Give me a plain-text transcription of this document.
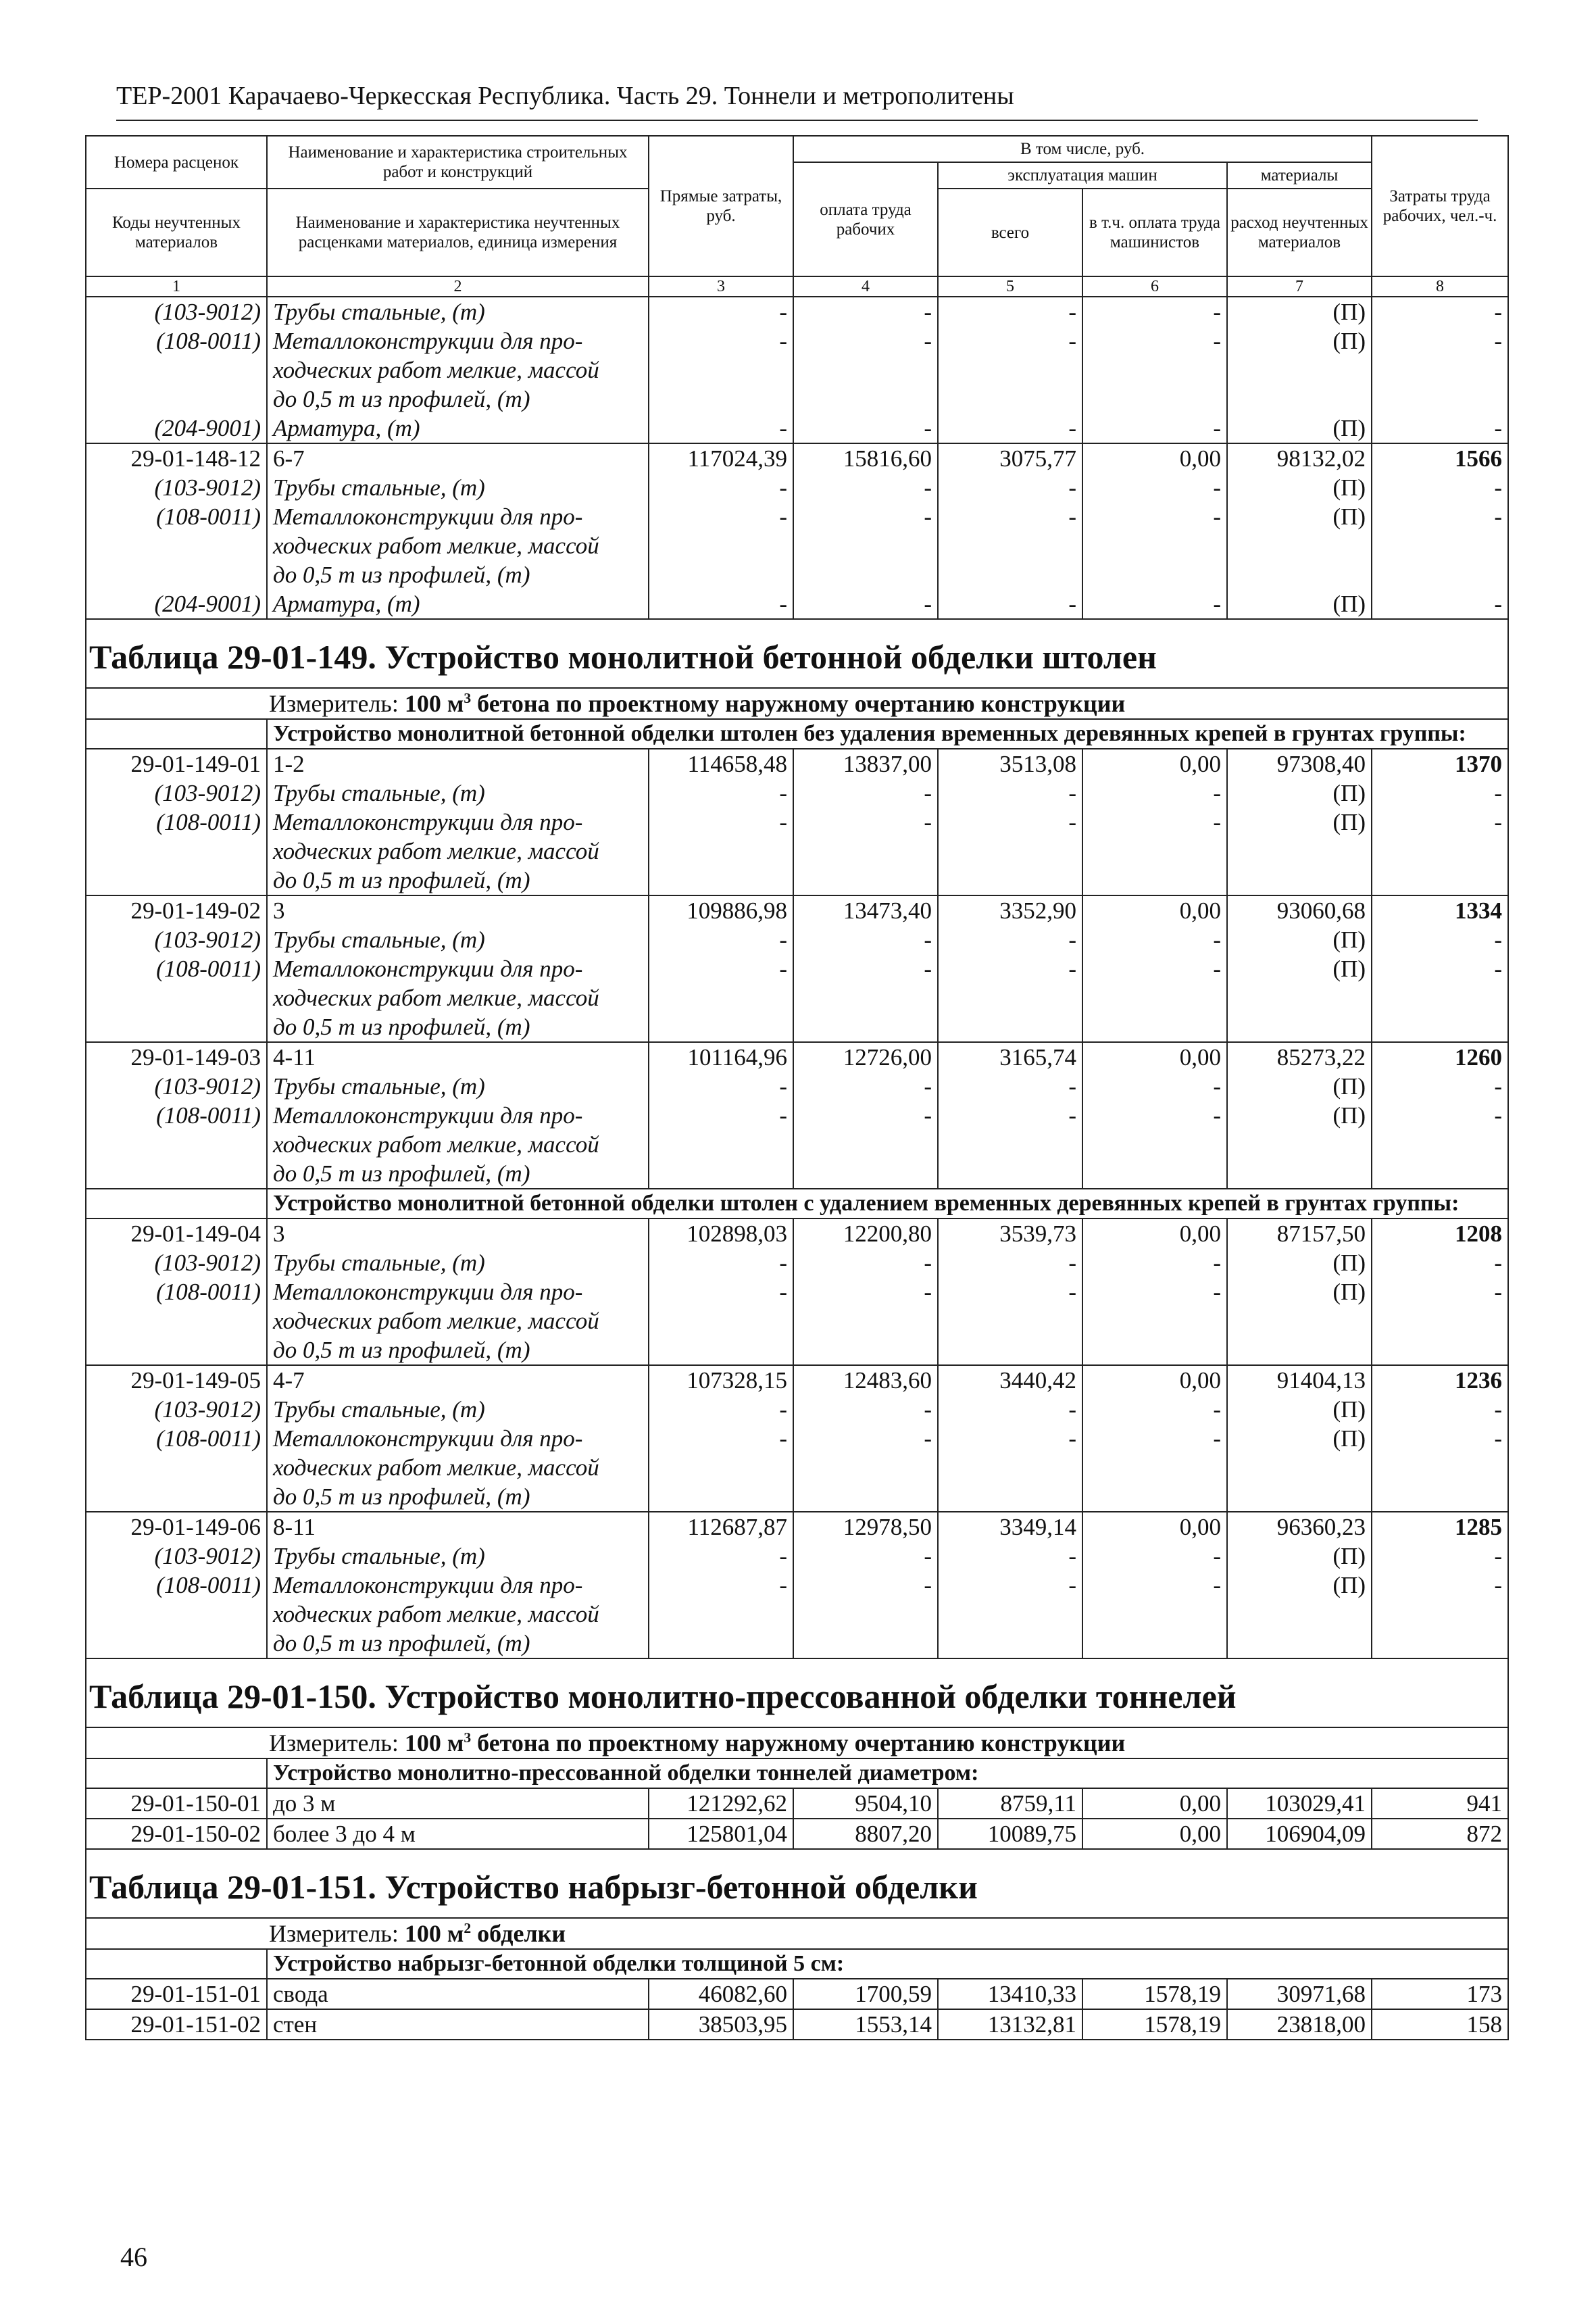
ТЕР-2001 Карачаево-Черкесская Республика. Часть 29. Тоннели и метрополитены
Номера расценок	Наименование и характеристика строительных работ и конструкций	Прямые затраты, руб.	В том числе, руб.				Затраты труда рабочих, чел.-ч.
			оплата труда рабочих	эксплуатация машин		материалы	
Коды неучтенных материалов	Наименование и характеристика неучтенных расценками материалов, единица измерения			всего	в т.ч. оплата труда машинистов	расход неучтенных материалов	

1	2	3	4	5	6	7	8
(103-9012)	Трубы стальные, (т)	-	-	-	-	(П)	-
(108-0011)	Металлоконструкции для про-	-	-	-	-	(П)	-
	ходческих работ мелкие, массой						
	до 0,5 т из профилей, (т)						
(204-9001)	Арматура, (т)	-	-	-	-	(П)	-
29-01-148-12	6-7	117024,39	15816,60	3075,77	0,00	98132,02	1566
(103-9012)	Трубы стальные, (т)	-	-	-	-	(П)	-
(108-0011)	Металлоконструкции для про-	-	-	-	-	(П)	-
	ходческих работ мелкие, массой						
	до 0,5 т из профилей, (т)						
(204-9001)	Арматура, (т)	-	-	-	-	(П)	-
Таблица 29-01-149. Устройство монолитной бетонной обделки штолен							
Измеритель: 100 $м^3$ бетона по проектному наружному очертанию конструкции							
	Устройство монолитной бетонной обделки штолен без удаления временных деревянных крепей в грунтах группы:						
29-01-149-01	1-2	114658,48	13837,00	3513,08	0,00	97308,40	1370
(103-9012)	Трубы стальные, (т)	-	-	-	-	(П)	-
(108-0011)	Металлоконструкции для про-	-	-	-	-	(П)	-
	ходческих работ мелкие, массой						
	до 0,5 т из профилей, (т)						
29-01-149-02	3	109886,98	13473,40	3352,90	0,00	93060,68	1334
(103-9012)	Трубы стальные, (т)	-	-	-	-	(П)	-
(108-0011)	Металлоконструкции для про-	-	-	-	-	(П)	-
	ходческих работ мелкие, массой						
	до 0,5 т из профилей, (т)						
29-01-149-03	4-11	101164,96	12726,00	3165,74	0,00	85273,22	1260
(103-9012)	Трубы стальные, (т)	-	-	-	-	(П)	-
(108-0011)	Металлоконструкции для про-	-	-	-	-	(П)	-
	ходческих работ мелкие, массой						
	до 0,5 т из профилей, (т)						
	Устройство монолитной бетонной обделки штолен с удалением временных деревянных крепей в грунтах группы:						
29-01-149-04	3	102898,03	12200,80	3539,73	0,00	87157,50	1208
(103-9012)	Трубы стальные, (т)	-	-	-	-	(П)	-
(108-0011)	Металлоконструкции для про-	-	-	-	-	(П)	-
	ходческих работ мелкие, массой						
	до 0,5 т из профилей, (т)						
29-01-149-05	4-7	107328,15	12483,60	3440,42	0,00	91404,13	1236
(103-9012)	Трубы стальные, (т)	-	-	-	-	(П)	-
(108-0011)	Металлоконструкции для про-	-	-	-	-	(П)	-
	ходческих работ мелкие, массой						
	до 0,5 т из профилей, (т)						
29-01-149-06	8-11	112687,87	12978,50	3349,14	0,00	96360,23	1285
(103-9012)	Трубы стальные, (т)	-	-	-	-	(П)	-
(108-0011)	Металлоконструкции для про-	-	-	-	-	(П)	-
	ходческих работ мелкие, массой						
	до 0,5 т из профилей, (т)						
Таблица 29-01-150. Устройство монолитно-прессованной обделки тоннелей							
Измеритель: 100 $м^3$ бетона по проектному наружному очертанию конструкции							
	Устройство монолитно-прессованной обделки тоннелей диаметром:						
29-01-150-01	до 3 м	121292,62	9504,10	8759,11	0,00	103029,41	941
29-01-150-02	более 3 до 4 м	125801,04	8807,20	10089,75	0,00	106904,09	872
Таблица 29-01-151. Устройство набрызг-бетонной обделки							
Измеритель: 100 $м^2$ обделки							
	Устройство набрызг-бетонной обделки толщиной 5 см:						
29-01-151-01	свода	46082,60	1700,59	13410,33	1578,19	30971,68	173
29-01-151-02	стен	38503,95	1553,14	13132,81	1578,19	23818,00	158
46
